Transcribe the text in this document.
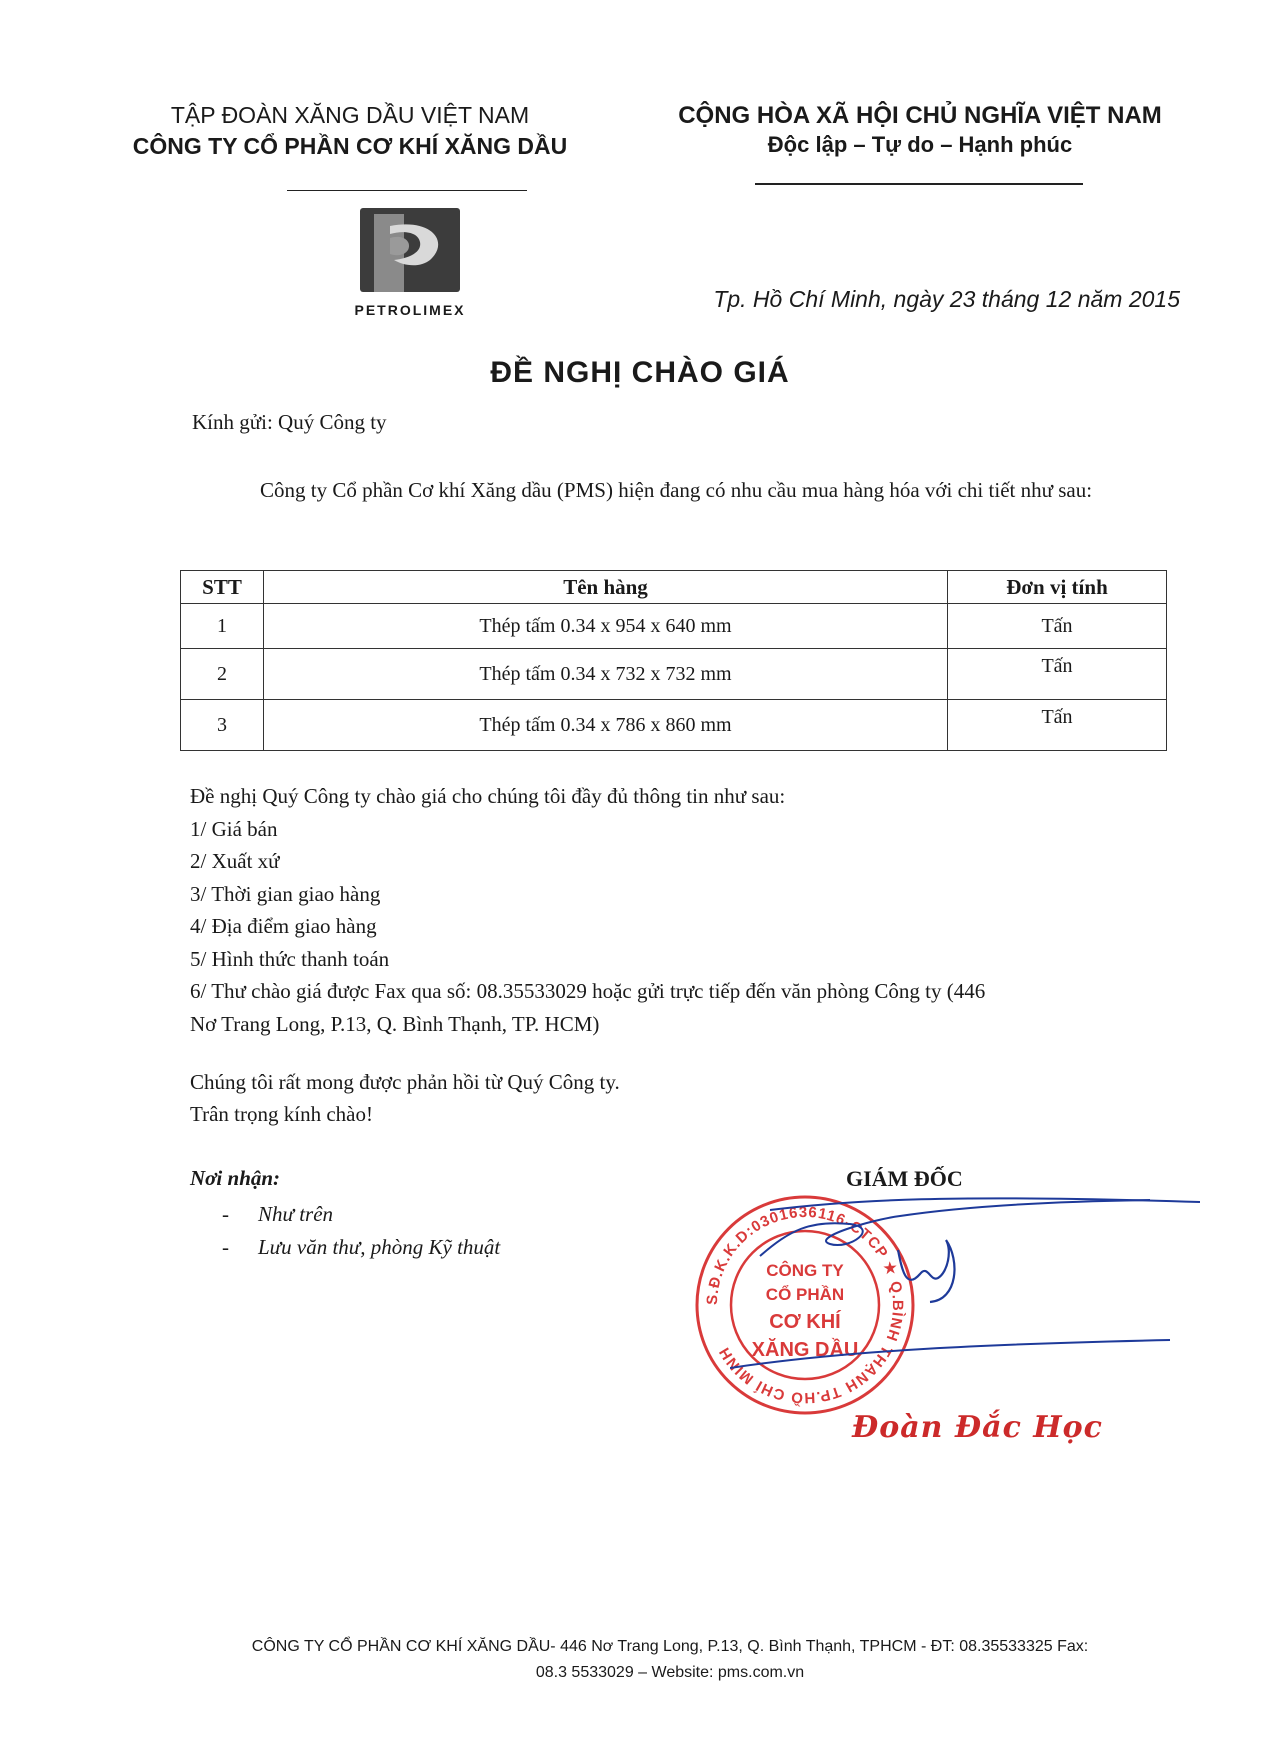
TẬP ĐOÀN XĂNG DẦU VIỆT NAM
CÔNG TY CỔ PHẦN CƠ KHÍ XĂNG DẦU
CỘNG HÒA XÃ HỘI CHỦ NGHĨA VIỆT NAM
Độc lập – Tự do – Hạnh phúc
PETROLIMEX	Tp. Hồ Chí Minh, ngày 23 tháng 12 năm 2015
ĐỀ NGHỊ CHÀO GIÁ
Kính gửi: Quý Công ty
Công ty Cổ phần Cơ khí Xăng dầu (PMS) hiện đang có nhu cầu mua hàng hóa với chi tiết như sau:
STT	Tên hàng	Đơn vị tính
1	Thép tấm 0.34 x 954 x 640 mm	Tấn
2	Thép tấm 0.34 x 732 x 732 mm	Tấn
3	Thép tấm 0.34 x 786 x 860 mm	Tấn
Đề nghị Quý Công ty chào giá cho chúng tôi đầy đủ thông tin như sau:
1/ Giá bán
2/ Xuất xứ
3/ Thời gian giao hàng
4/ Địa điểm giao hàng
5/ Hình thức thanh toán
6/ Thư chào giá được Fax qua số: 08.35533029 hoặc gửi trực tiếp đến văn phòng Công ty (446
Nơ Trang Long, P.13, Q. Bình Thạnh, TP. HCM)
Chúng tôi rất mong được phản hồi từ Quý Công ty.
Trân trọng kính chào!
Nơi nhận:
- Như trên
- Lưu văn thư, phòng Kỹ thuật
GIÁM ĐỐC
S.Đ.K.K.D:0301636116-CTCP ★ Q.BÌNH THẠNH TP.HỒ CHÍ MINH
CÔNG TY
CỔ PHẦN
CƠ KHÍ
XĂNG DẦU
Đoàn Đắc Học
CÔNG TY CỔ PHẦN CƠ KHÍ XĂNG DẦU- 446 Nơ Trang Long, P.13, Q. Bình Thạnh, TPHCM - ĐT: 08.35533325 Fax:
08.3 5533029 – Website: pms.com.vn
